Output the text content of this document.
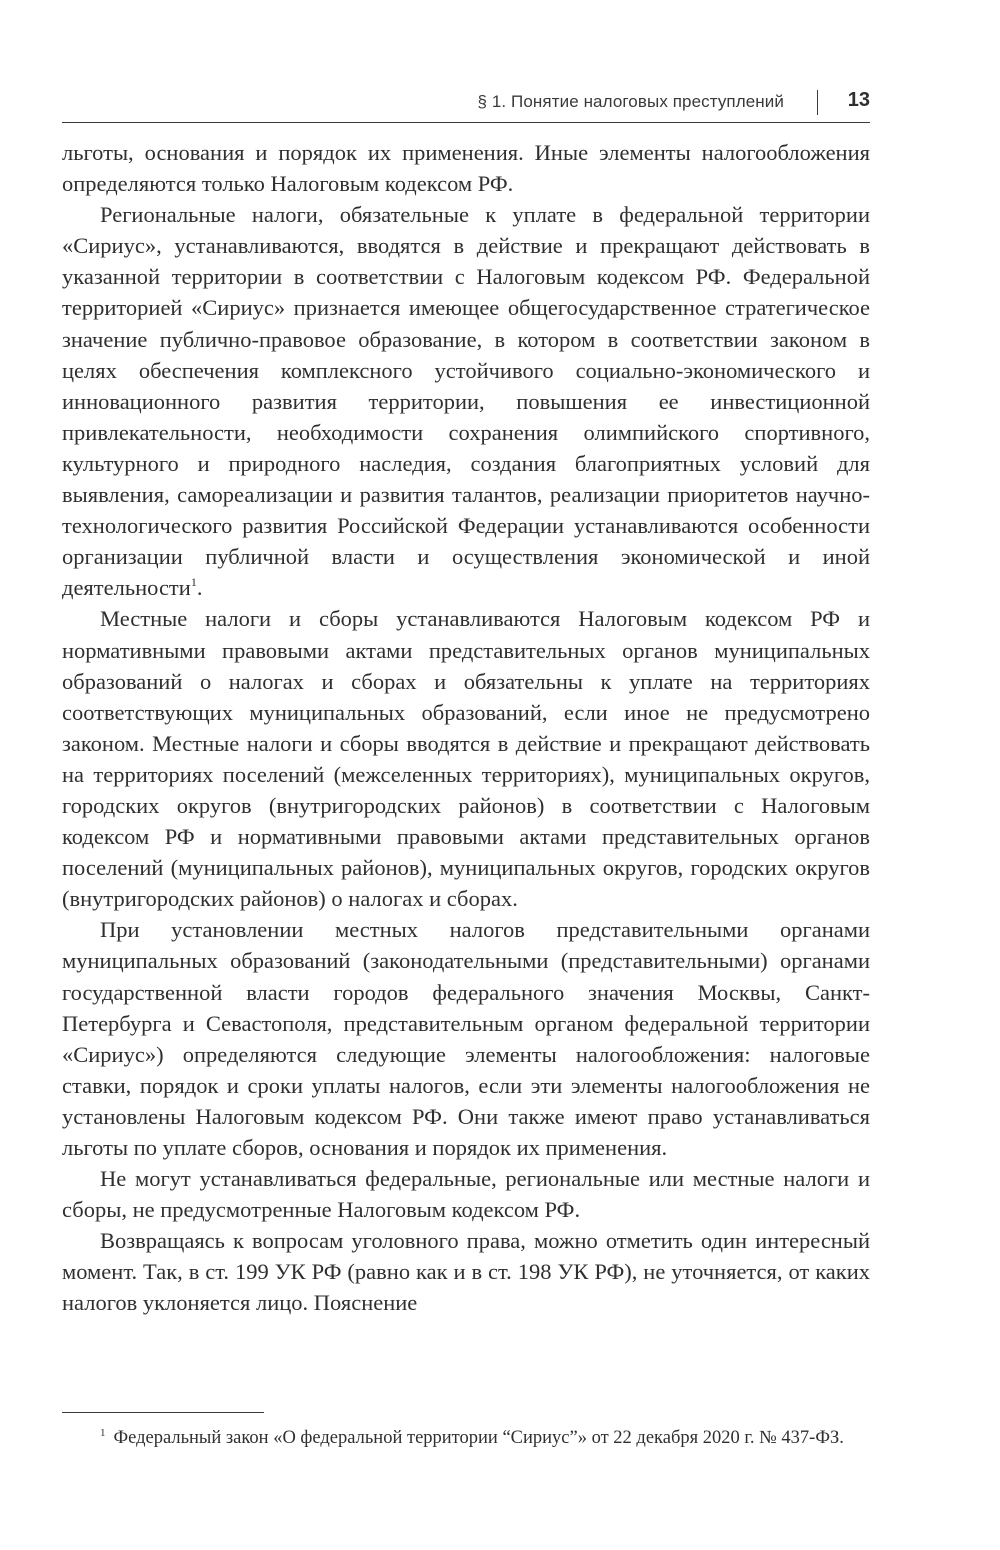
§ 1. Понятие налоговых преступлений	13

льготы, основания и порядок их применения. Иные элементы налогообложения определяются только Налоговым кодексом РФ.

Региональные налоги, обязательные к уплате в федеральной территории «Сириус», устанавливаются, вводятся в действие и прекращают действовать в указанной территории в соответствии с Налоговым кодексом РФ. Федеральной территорией «Сириус» признается имеющее общегосударственное стратегическое значение публично-правовое образование, в котором в соответствии законом в целях обеспечения комплексного устойчивого социально-экономического и инновационного развития территории, повышения ее инвестиционной привлекательности, необходимости сохранения олимпийского спортивного, культурного и природного наследия, создания благоприятных условий для выявления, самореализации и развития талантов, реализации приоритетов научно-технологического развития Российской Федерации устанавливаются особенности организации публичной власти и осуществления экономической и иной деятельности$^1$.

Местные налоги и сборы устанавливаются Налоговым кодексом РФ и нормативными правовыми актами представительных органов муниципальных образований о налогах и сборах и обязательны к уплате на территориях соответствующих муниципальных образований, если иное не предусмотрено законом. Местные налоги и сборы вводятся в действие и прекращают действовать на территориях поселений (межселенных территориях), муниципальных округов, городских округов (внутригородских районов) в соответствии с Налоговым кодексом РФ и нормативными правовыми актами представительных органов поселений (муниципальных районов), муниципальных округов, городских округов (внутригородских районов) о налогах и сборах.

При установлении местных налогов представительными органами муниципальных образований (законодательными (представительными) органами государственной власти городов федерального значения Москвы, Санкт-Петербурга и Севастополя, представительным органом федеральной территории «Сириус») определяются следующие элементы налогообложения: налоговые ставки, порядок и сроки уплаты налогов, если эти элементы налогообложения не установлены Налоговым кодексом РФ. Они также имеют право устанавливаться льготы по уплате сборов, основания и порядок их применения.

Не могут устанавливаться федеральные, региональные или местные налоги и сборы, не предусмотренные Налоговым кодексом РФ.

Возвращаясь к вопросам уголовного права, можно отметить один интересный момент. Так, в ст. 199 УК РФ (равно как и в ст. 198 УК РФ), не уточняется, от каких налогов уклоняется лицо. Пояснение

$^1$ Федеральный закон «О федеральной территории “Сириус”» от 22 декабря 2020 г. № 437-ФЗ.
